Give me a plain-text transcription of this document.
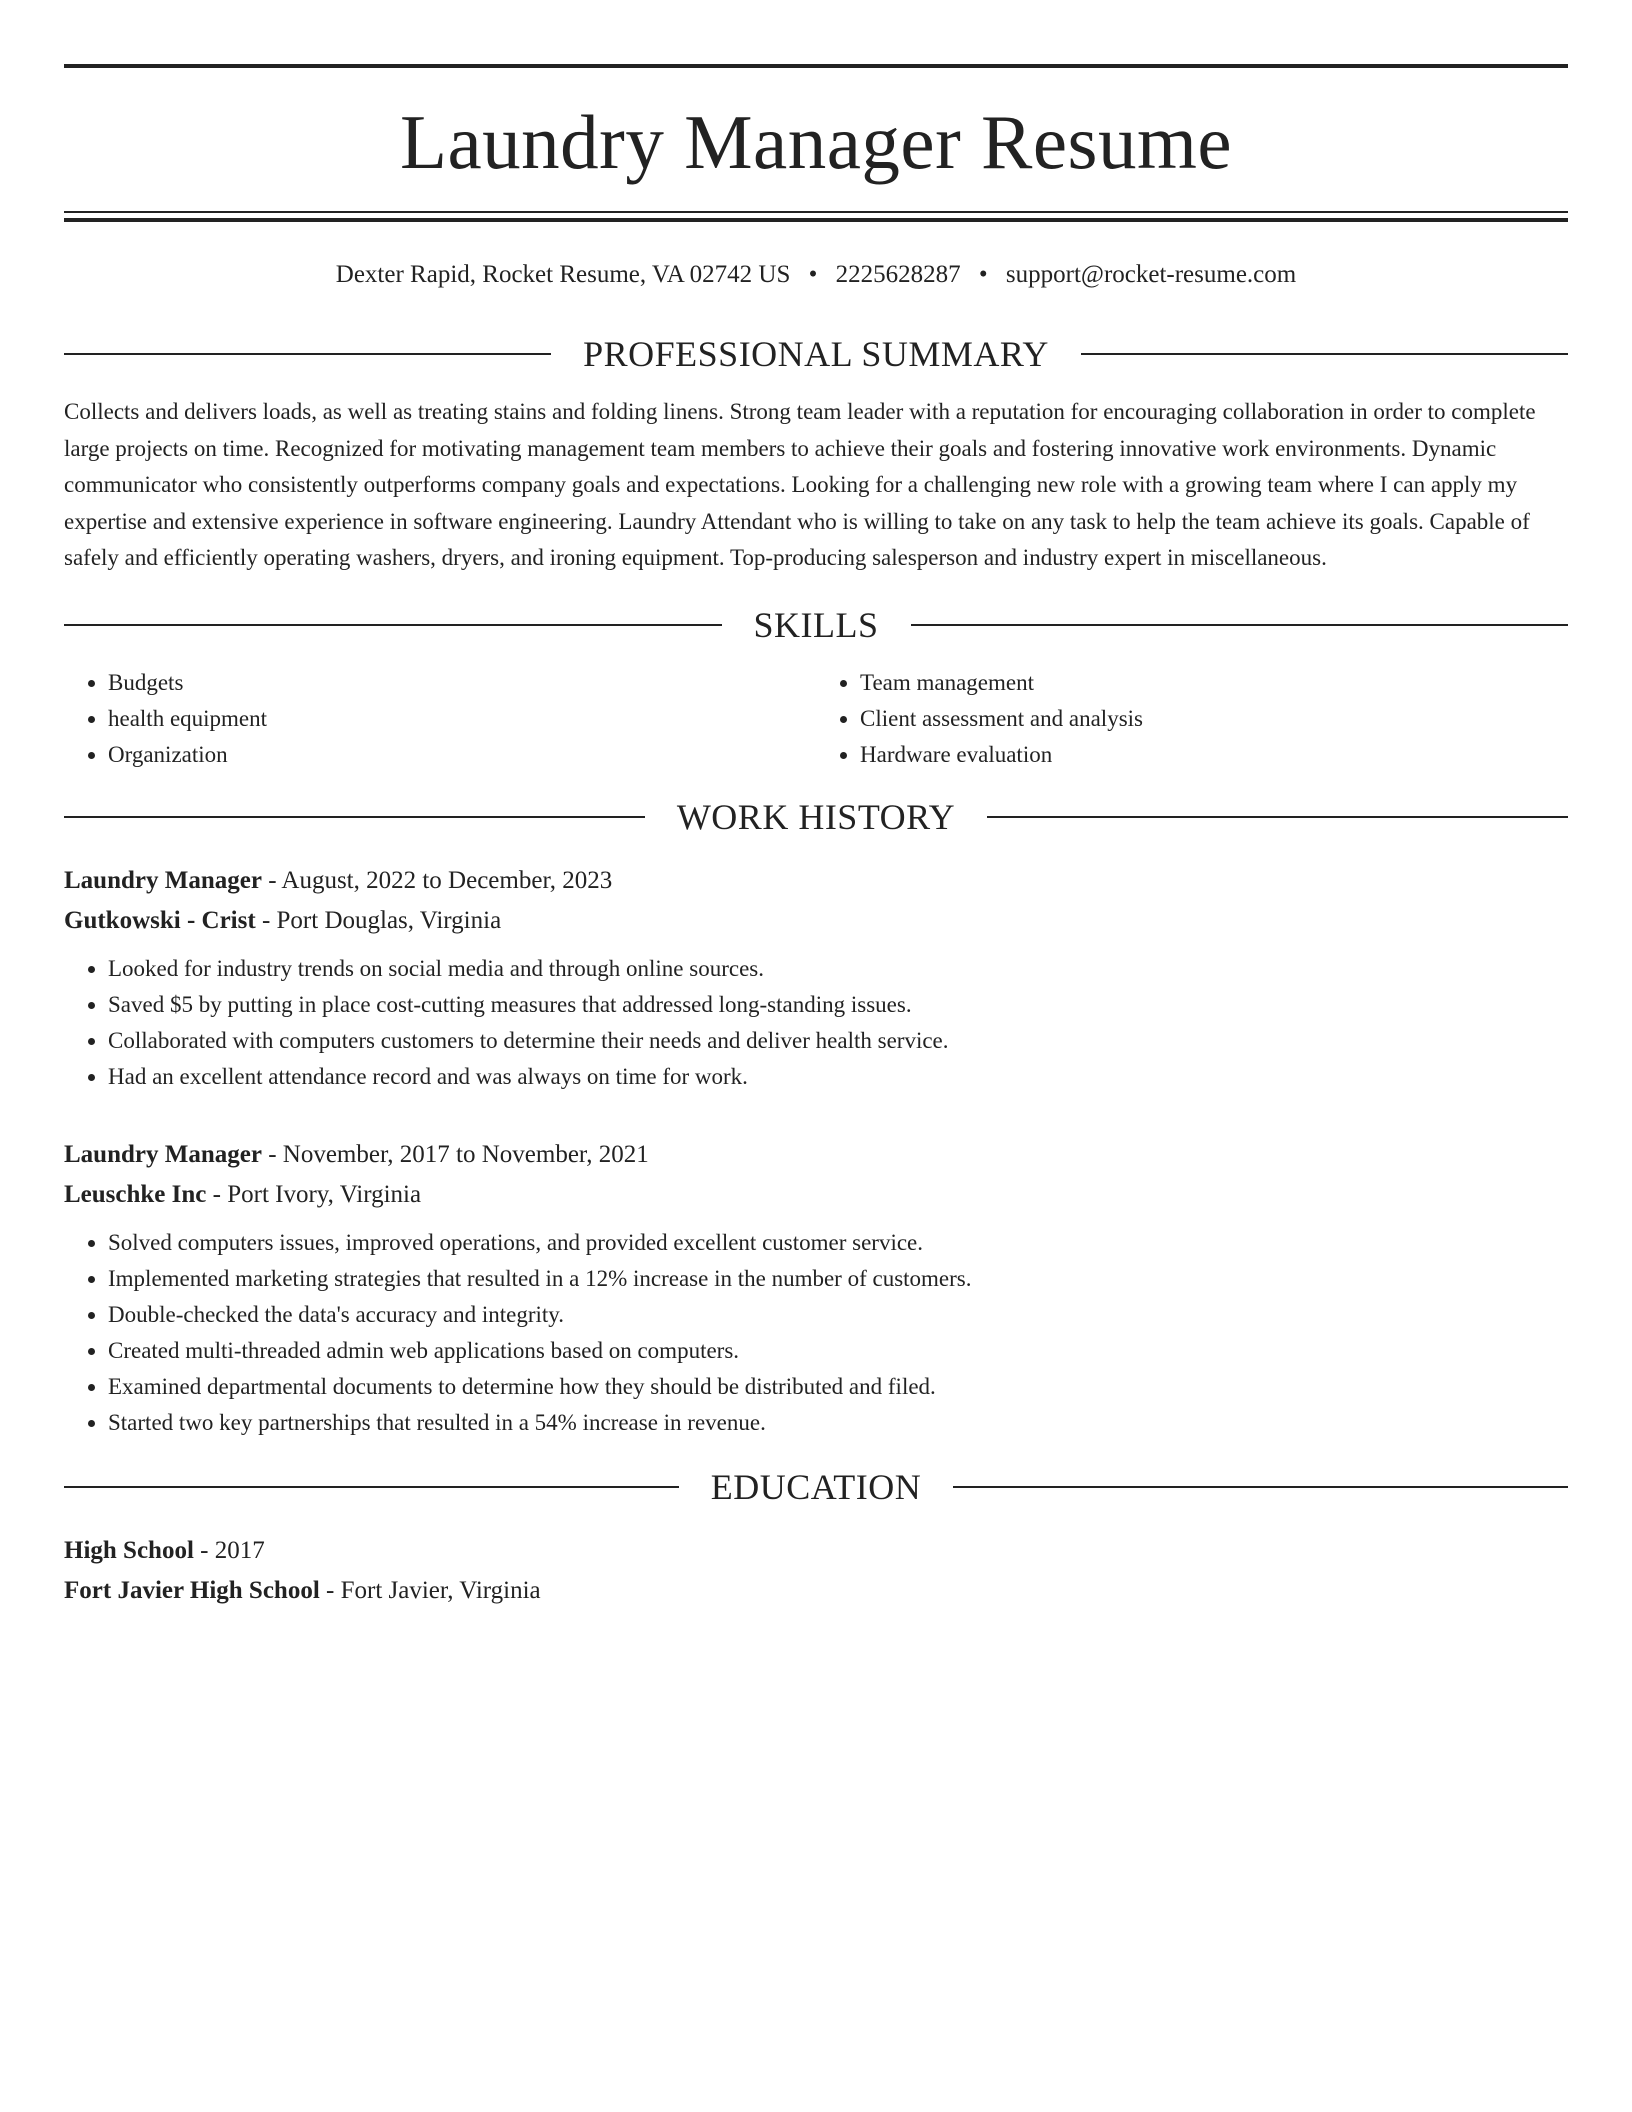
Laundry Manager Resume
Dexter Rapid, Rocket Resume, VA 02742 US • 2225628287 • support@rocket-resume.com
PROFESSIONAL SUMMARY
Collects and delivers loads, as well as treating stains and folding linens. Strong team leader with a reputation for encouraging collaboration in order to complete large projects on time. Recognized for motivating management team members to achieve their goals and fostering innovative work environments. Dynamic communicator who consistently outperforms company goals and expectations. Looking for a challenging new role with a growing team where I can apply my expertise and extensive experience in software engineering. Laundry Attendant who is willing to take on any task to help the team achieve its goals. Capable of safely and efficiently operating washers, dryers, and ironing equipment. Top-producing salesperson and industry expert in miscellaneous.
SKILLS
• Budgets
• health equipment
• Organization
• Team management
• Client assessment and analysis
• Hardware evaluation
WORK HISTORY
Laundry Manager - August, 2022 to December, 2023
Gutkowski - Crist - Port Douglas, Virginia
• Looked for industry trends on social media and through online sources.
• Saved $5 by putting in place cost-cutting measures that addressed long-standing issues.
• Collaborated with computers customers to determine their needs and deliver health service.
• Had an excellent attendance record and was always on time for work.
Laundry Manager - November, 2017 to November, 2021
Leuschke Inc - Port Ivory, Virginia
• Solved computers issues, improved operations, and provided excellent customer service.
• Implemented marketing strategies that resulted in a 12% increase in the number of customers.
• Double-checked the data's accuracy and integrity.
• Created multi-threaded admin web applications based on computers.
• Examined departmental documents to determine how they should be distributed and filed.
• Started two key partnerships that resulted in a 54% increase in revenue.
EDUCATION
High School - 2017
Fort Javier High School - Fort Javier, Virginia
